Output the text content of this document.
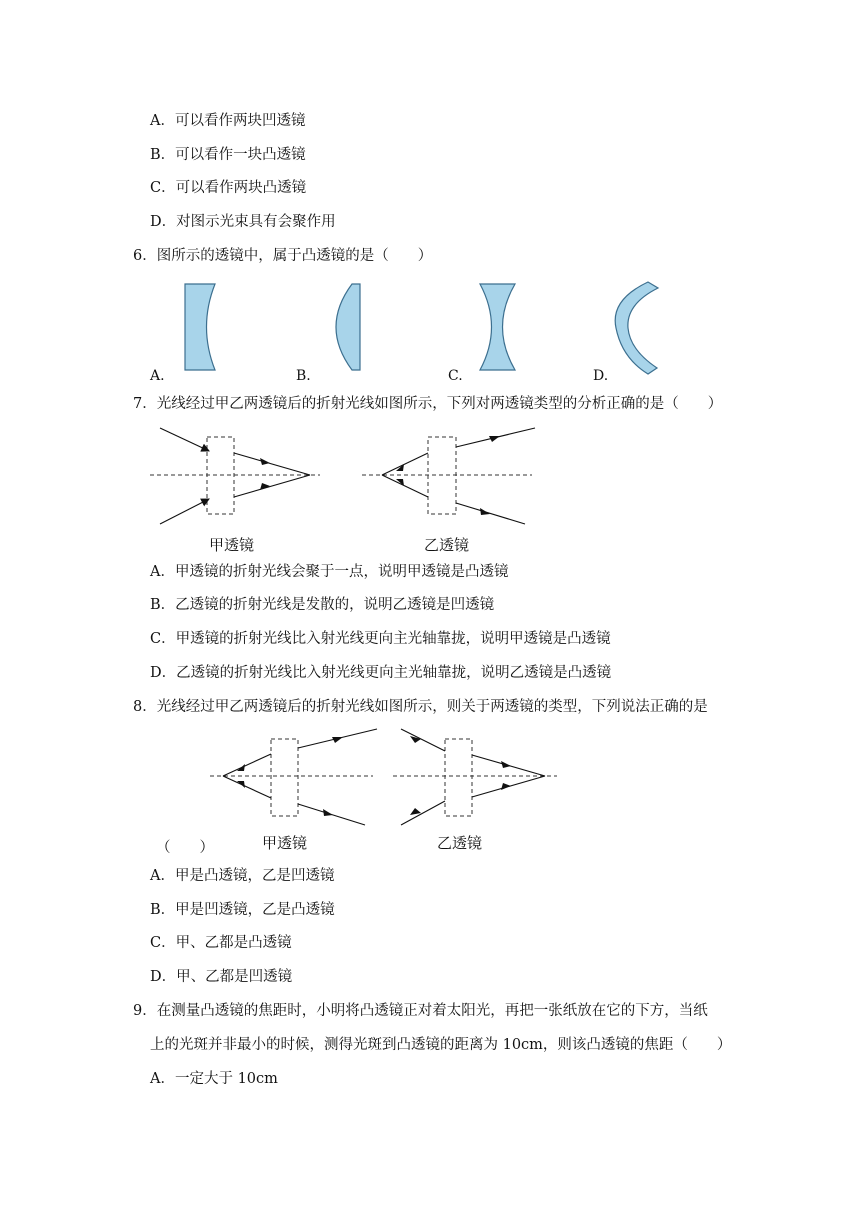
A．可以看作两块凹透镜
B．可以看作一块凸透镜
C．可以看作两块凸透镜
D．对图示光束具有会聚作用
6．图所示的透镜中，属于凸透镜的是（　　）
A.	B.	C.	D.
7．光线经过甲乙两透镜后的折射光线如图所示，下列对两透镜类型的分析正确的是（　　）
甲透镜	乙透镜
A．甲透镜的折射光线会聚于一点，说明甲透镜是凸透镜
B．乙透镜的折射光线是发散的，说明乙透镜是凹透镜
C．甲透镜的折射光线比入射光线更向主光轴靠拢，说明甲透镜是凸透镜
D．乙透镜的折射光线比入射光线更向主光轴靠拢，说明乙透镜是凸透镜
8．光线经过甲乙两透镜后的折射光线如图所示，则关于两透镜的类型，下列说法正确的是
（　　）	甲透镜	乙透镜
A．甲是凸透镜，乙是凹透镜
B．甲是凹透镜，乙是凸透镜
C．甲、乙都是凸透镜
D．甲、乙都是凹透镜
9．在测量凸透镜的焦距时，小明将凸透镜正对着太阳光，再把一张纸放在它的下方，当纸
上的光斑并非最小的时候，测得光斑到凸透镜的距离为 10cm，则该凸透镜的焦距（　　）
A．一定大于 10cm
